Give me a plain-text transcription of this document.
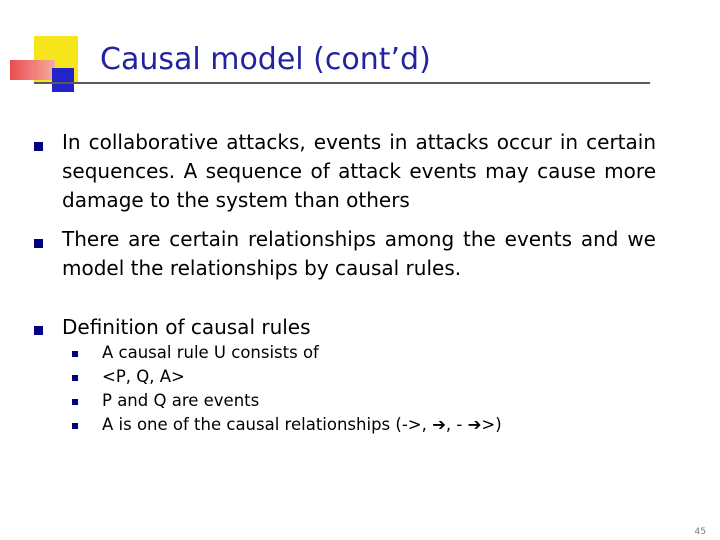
Causal model (cont’d)
In collaborative attacks, events in attacks occur in certain sequences. A sequence of attack events may cause more damage to the system than others
There are certain relationships among the events and we model the relationships by causal rules.
Definition of causal rules
A causal rule U consists of
<P, Q, A>
P and Q are events
A is one of the causal relationships (->, ➔, - ➔>)
45
